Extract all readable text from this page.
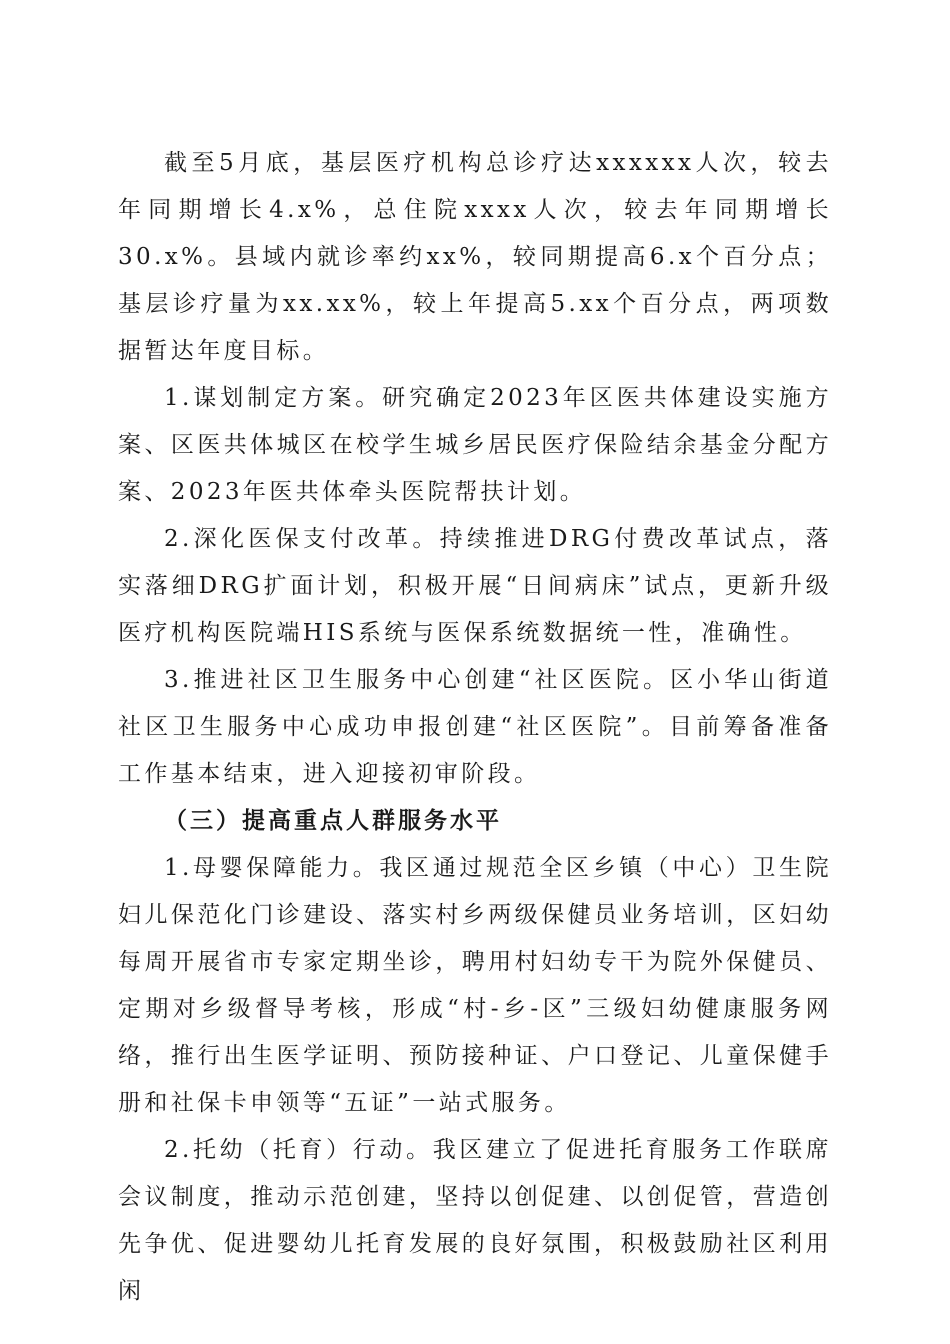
截至5月底，基层医疗机构总诊疗达xxxxxx人次，较去年同期增长4.x%，总住院xxxx人次，较去年同期增长30.x%。县域内就诊率约xx%，较同期提高6.x个百分点；基层诊疗量为xx.xx%，较上年提高5.xx个百分点，两项数据暂达年度目标。

1.谋划制定方案。研究确定2023年区医共体建设实施方案、区医共体城区在校学生城乡居民医疗保险结余基金分配方案、2023年医共体牵头医院帮扶计划。

2.深化医保支付改革。持续推进DRG付费改革试点，落实落细DRG扩面计划，积极开展“日间病床”试点，更新升级医疗机构医院端HIS系统与医保系统数据统一性，准确性。

3.推进社区卫生服务中心创建“社区医院。区小华山街道社区卫生服务中心成功申报创建“社区医院”。目前筹备准备工作基本结束，进入迎接初审阶段。

（三）提高重点人群服务水平

1.母婴保障能力。我区通过规范全区乡镇（中心）卫生院妇儿保范化门诊建设、落实村乡两级保健员业务培训，区妇幼每周开展省市专家定期坐诊，聘用村妇幼专干为院外保健员、定期对乡级督导考核，形成“村-乡-区”三级妇幼健康服务网络，推行出生医学证明、预防接种证、户口登记、儿童保健手册和社保卡申领等“五证”一站式服务。

2.托幼（托育）行动。我区建立了促进托育服务工作联席会议制度，推动示范创建，坚持以创促建、以创促管，营造创先争优、促进婴幼儿托育发展的良好氛围，积极鼓励社区利用闲
